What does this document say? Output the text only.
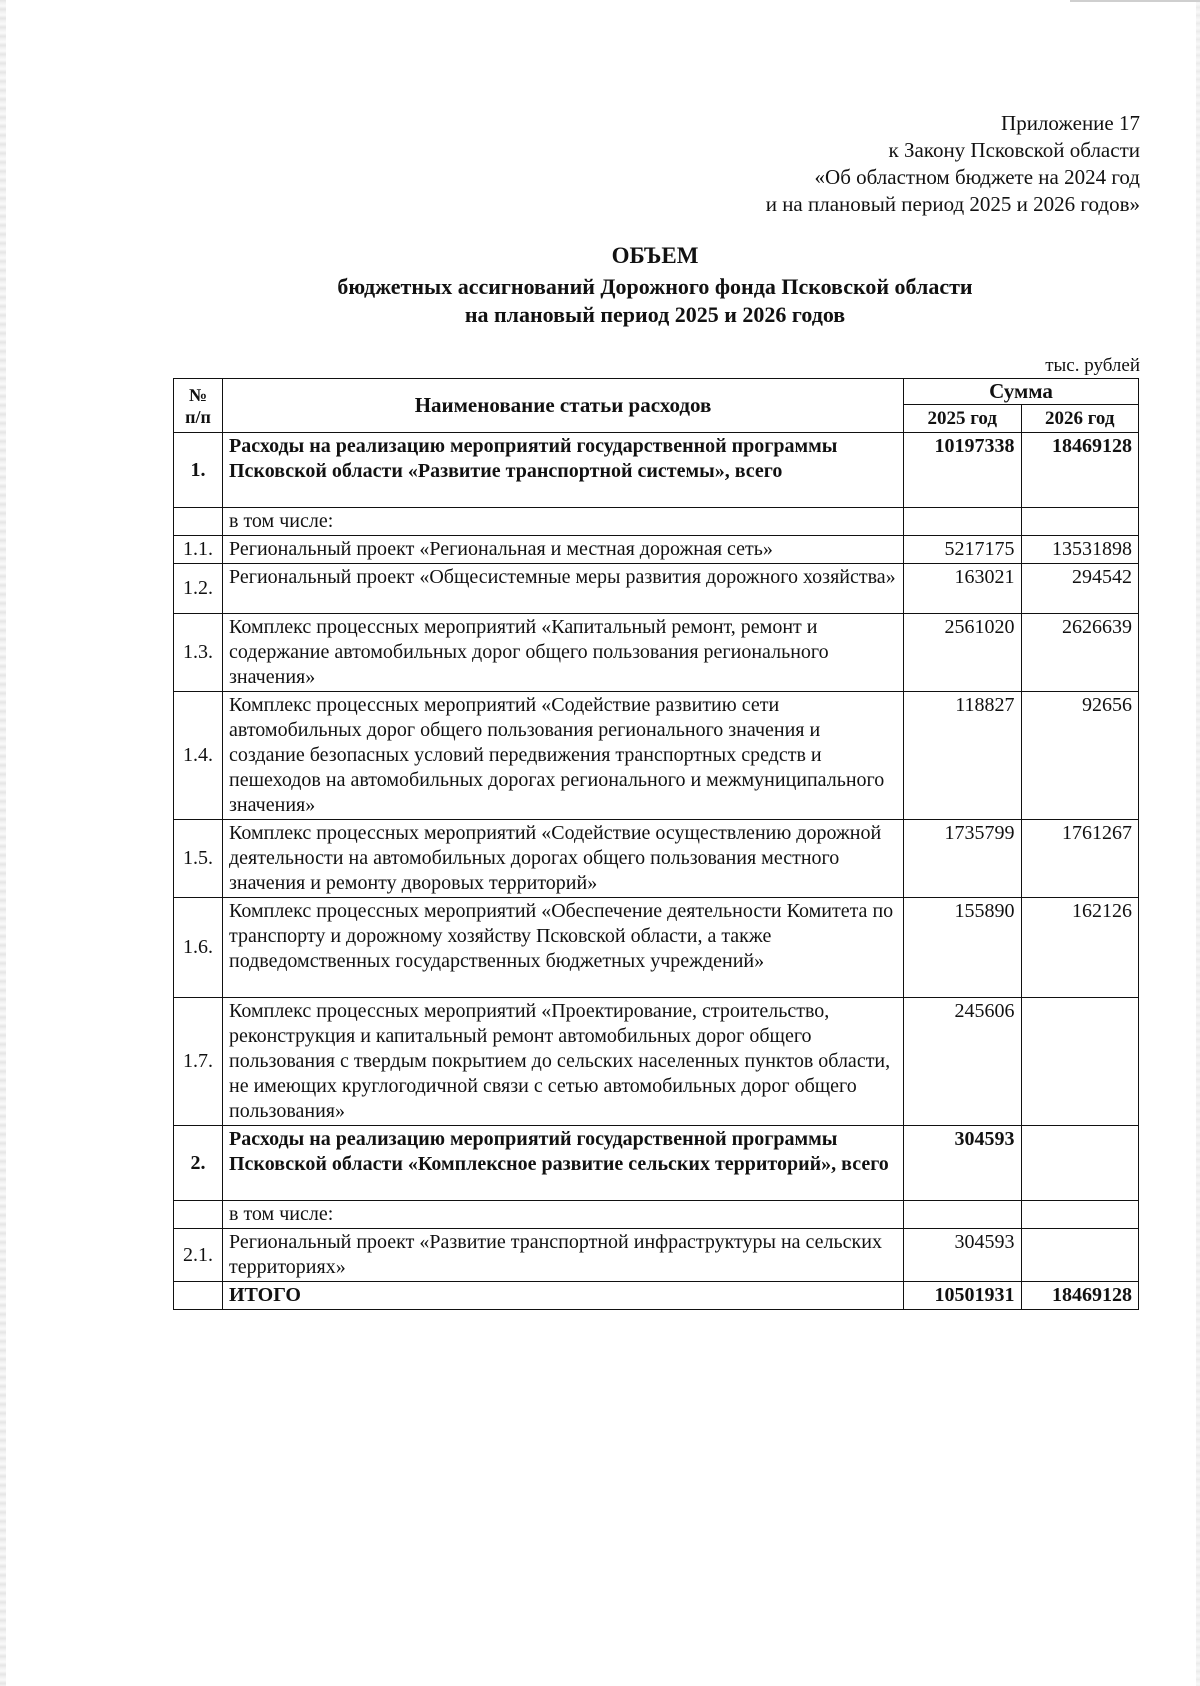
Приложение 17
к Закону Псковской области
«Об областном бюджете на 2024 год
и на плановый период 2025 и 2026 годов»
ОБЪЕМ
бюджетных ассигнований Дорожного фонда Псковской области
на плановый период 2025 и 2026 годов
тыс. рублей
№
п/п	Наименование статьи расходов	Сумма	
		2025 год	2026 год
1.	Расходы на реализацию мероприятий государственной программы Псковской области «Развитие транспортной системы», всего	10197338	18469128
	в том числе:		
1.1.	Региональный проект «Региональная и местная дорожная сеть»	5217175	13531898
1.2.	Региональный проект «Общесистемные меры развития дорожного хозяйства»	163021	294542
1.3.	Комплекс процессных мероприятий «Капитальный ремонт, ремонт и содержание автомобильных дорог общего пользования регионального значения»	2561020	2626639
1.4.	Комплекс процессных мероприятий «Содействие развитию сети автомобильных дорог общего пользования регионального значения и создание безопасных условий передвижения транспортных средств и пешеходов на автомобильных дорогах регионального и межмуниципального значения»	118827	92656
1.5.	Комплекс процессных мероприятий «Содействие осуществлению дорожной деятельности на автомобильных дорогах общего пользования местного значения и ремонту дворовых территорий»	1735799	1761267
1.6.	Комплекс процессных мероприятий «Обеспечение деятельности Комитета по транспорту и дорожному хозяйству Псковской области, а также подведомственных государственных бюджетных учреждений»	155890	162126
1.7.	Комплекс процессных мероприятий «Проектирование, строительство, реконструкция и капитальный ремонт автомобильных дорог общего пользования с твердым покрытием до сельских населенных пунктов области, не имеющих круглогодичной связи с сетью автомобильных дорог общего пользования»	245606	
2.	Расходы на реализацию мероприятий государственной программы Псковской области «Комплексное развитие сельских территорий», всего	304593	
	в том числе:		
2.1.	Региональный проект «Развитие транспортной инфраструктуры на сельских территориях»	304593	
	ИТОГО	10501931	18469128
